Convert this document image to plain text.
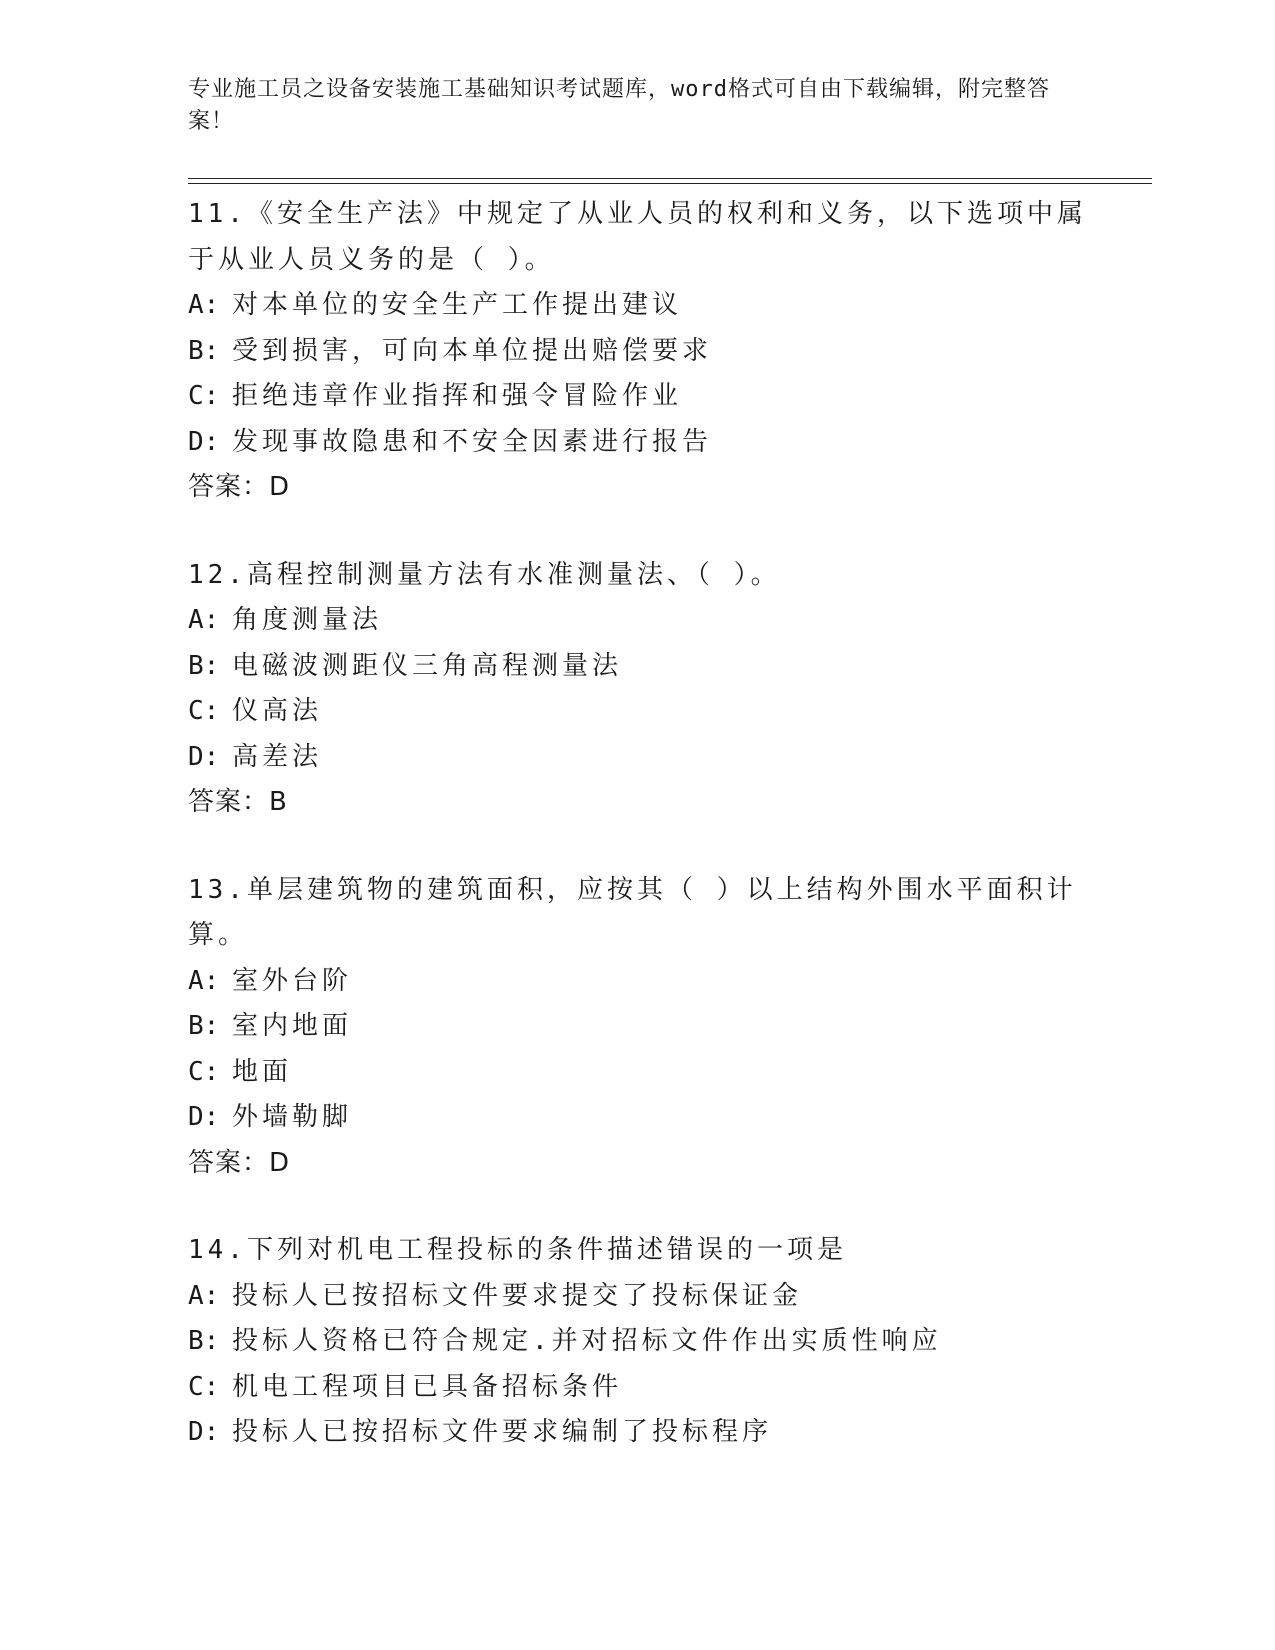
专业施工员之设备安装施工基础知识考试题库，word格式可自由下载编辑，附完整答案！
11.《安全生产法》中规定了从业人员的权利和义务，以下选项中属于从业人员义务的是（ ）。
A: 对本单位的安全生产工作提出建议
B: 受到损害，可向本单位提出赔偿要求
C: 拒绝违章作业指挥和强令冒险作业
D: 发现事故隐患和不安全因素进行报告
答案：D
12.高程控制测量方法有水准测量法、（ ）。
A: 角度测量法
B: 电磁波测距仪三角高程测量法
C: 仪高法
D: 高差法
答案：B
13.单层建筑物的建筑面积，应按其（ ）以上结构外围水平面积计算。
A: 室外台阶
B: 室内地面
C: 地面
D: 外墙勒脚
答案：D
14.下列对机电工程投标的条件描述错误的一项是
A: 投标人已按招标文件要求提交了投标保证金
B: 投标人资格已符合规定.并对招标文件作出实质性响应
C: 机电工程项目已具备招标条件
D: 投标人已按招标文件要求编制了投标程序
